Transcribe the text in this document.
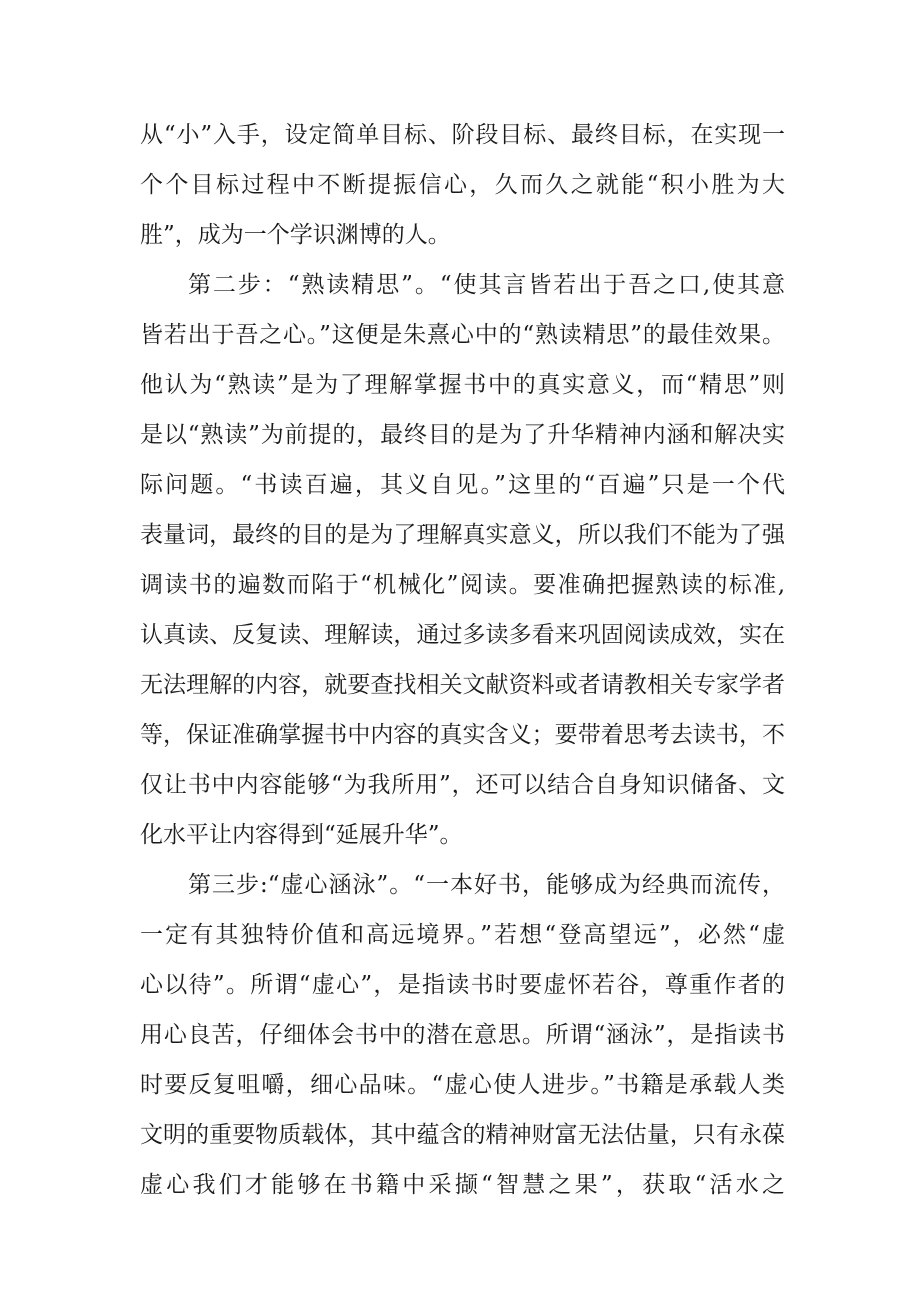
从“小”入手，设定简单目标、阶段目标、最终目标，在实现一
个个目标过程中不断提振信心，久而久之就能“积小胜为大
胜”，成为一个学识渊博的人。
第二步：“熟读精思”。“使其言皆若出于吾之口,使其意
皆若出于吾之心。”这便是朱熹心中的“熟读精思”的最佳效果。
他认为“熟读”是为了理解掌握书中的真实意义，而“精思”则
是以“熟读”为前提的，最终目的是为了升华精神内涵和解决实
际问题。“书读百遍，其义自见。”这里的“百遍”只是一个代
表量词，最终的目的是为了理解真实意义，所以我们不能为了强
调读书的遍数而陷于“机械化”阅读。要准确把握熟读的标准,
认真读、反复读、理解读，通过多读多看来巩固阅读成效，实在
无法理解的内容，就要查找相关文献资料或者请教相关专家学者
等，保证准确掌握书中内容的真实含义；要带着思考去读书，不
仅让书中内容能够“为我所用”，还可以结合自身知识储备、文
化水平让内容得到“延展升华”。
第三步:“虚心涵泳”。“一本好书，能够成为经典而流传，
一定有其独特价值和高远境界。”若想“登高望远”，必然“虚
心以待”。所谓“虚心”，是指读书时要虚怀若谷，尊重作者的
用心良苦，仔细体会书中的潜在意思。所谓“涵泳”，是指读书
时要反复咀嚼，细心品味。“虚心使人进步。”书籍是承载人类
文明的重要物质载体，其中蕴含的精神财富无法估量，只有永葆
虚心我们才能够在书籍中采撷“智慧之果”，获取“活水之
